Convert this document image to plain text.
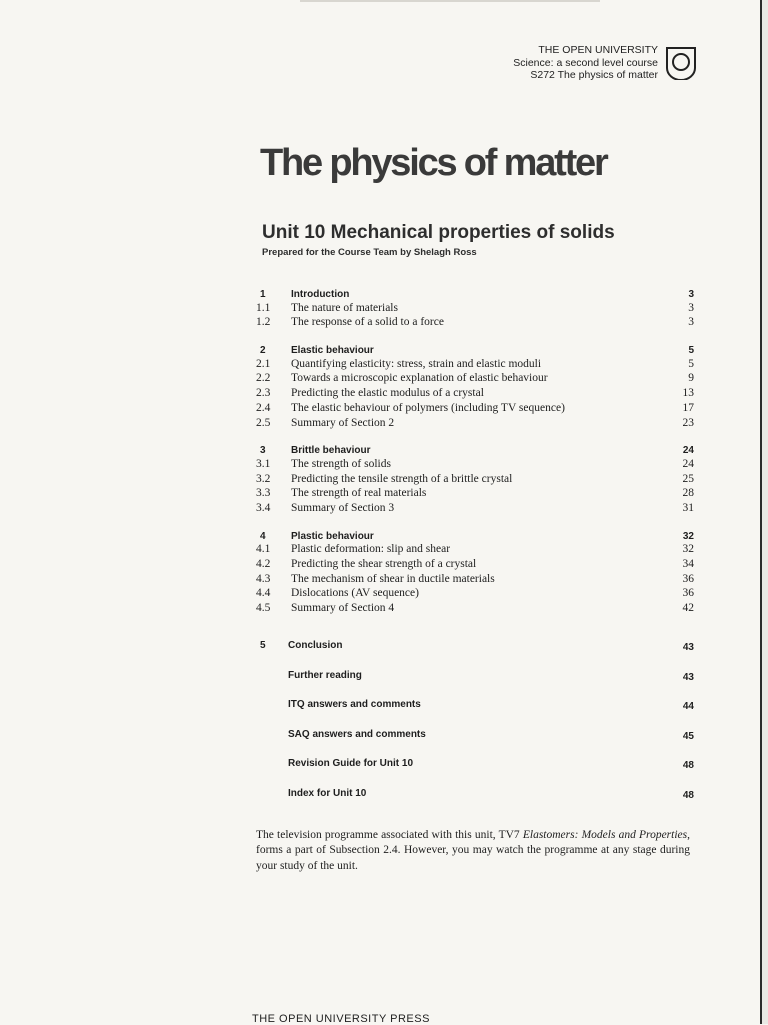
THE OPEN UNIVERSITY
Science: a second level course
S272 The physics of matter
The physics of matter
Unit 10 Mechanical properties of solids
Prepared for the Course Team by Shelagh Ross
1	Introduction	3
1.1 The nature of materials	3
1.2 The response of a solid to a force	3
2	Elastic behaviour	5
2.1 Quantifying elasticity: stress, strain and elastic moduli	5
2.2 Towards a microscopic explanation of elastic behaviour	9
2.3 Predicting the elastic modulus of a crystal	13
2.4 The elastic behaviour of polymers (including TV sequence)	17
2.5 Summary of Section 2	23
3	Brittle behaviour	24
3.1 The strength of solids	24
3.2 Predicting the tensile strength of a brittle crystal	25
3.3 The strength of real materials	28
3.4 Summary of Section 3	31
4	Plastic behaviour	32
4.1 Plastic deformation: slip and shear	32
4.2 Predicting the shear strength of a crystal	34
4.3 The mechanism of shear in ductile materials	36
4.4 Dislocations (AV sequence)	36
4.5 Summary of Section 4	42
5 Conclusion	43
Further reading	43
ITQ answers and comments	44
SAQ answers and comments	45
Revision Guide for Unit 10	48
Index for Unit 10	48

The television programme associated with this unit, TV7 Elastomers: Models and Properties, forms a part of Subsection 2.4. However, you may watch the programme at any stage during your study of the unit.

THE OPEN UNIVERSITY PRESS
